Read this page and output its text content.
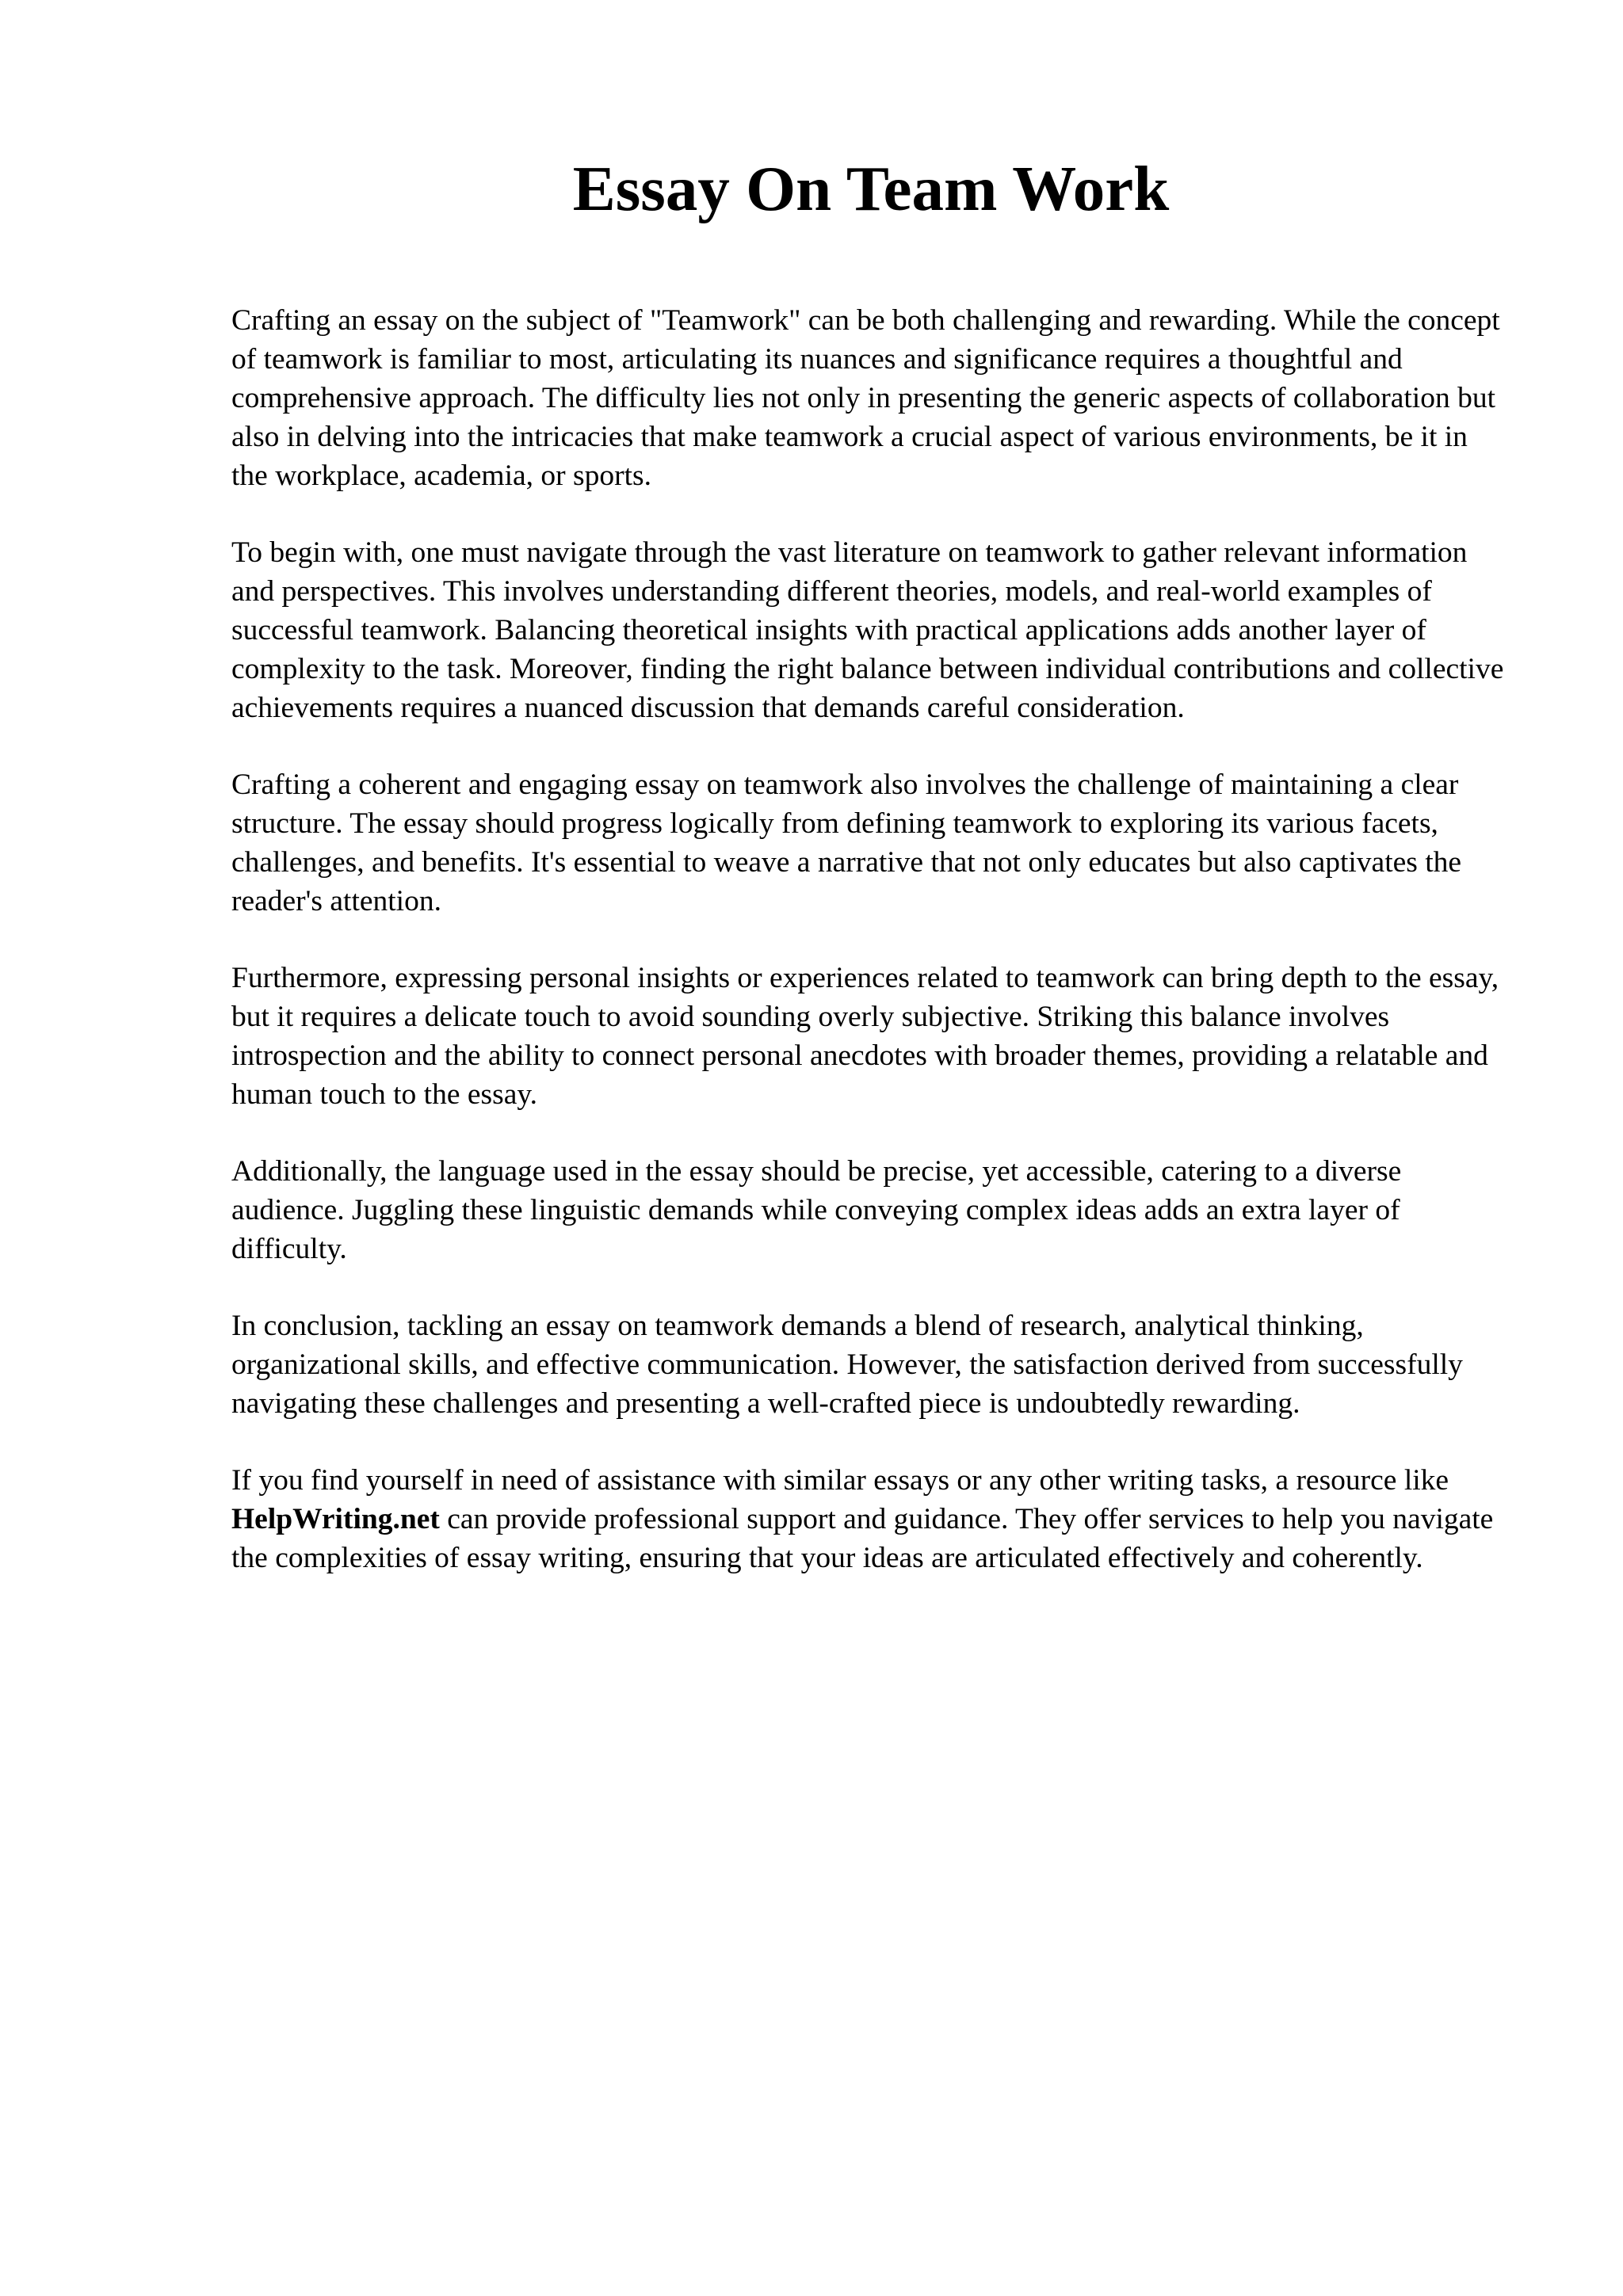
Essay On Team Work

Crafting an essay on the subject of "Teamwork" can be both challenging and rewarding. While the concept of teamwork is familiar to most, articulating its nuances and significance requires a thoughtful and comprehensive approach. The difficulty lies not only in presenting the generic aspects of collaboration but also in delving into the intricacies that make teamwork a crucial aspect of various environments, be it in the workplace, academia, or sports.

To begin with, one must navigate through the vast literature on teamwork to gather relevant information and perspectives. This involves understanding different theories, models, and real-world examples of successful teamwork. Balancing theoretical insights with practical applications adds another layer of complexity to the task. Moreover, finding the right balance between individual contributions and collective achievements requires a nuanced discussion that demands careful consideration.

Crafting a coherent and engaging essay on teamwork also involves the challenge of maintaining a clear structure. The essay should progress logically from defining teamwork to exploring its various facets, challenges, and benefits. It's essential to weave a narrative that not only educates but also captivates the reader's attention.

Furthermore, expressing personal insights or experiences related to teamwork can bring depth to the essay, but it requires a delicate touch to avoid sounding overly subjective. Striking this balance involves introspection and the ability to connect personal anecdotes with broader themes, providing a relatable and human touch to the essay.

Additionally, the language used in the essay should be precise, yet accessible, catering to a diverse audience. Juggling these linguistic demands while conveying complex ideas adds an extra layer of difficulty.

In conclusion, tackling an essay on teamwork demands a blend of research, analytical thinking, organizational skills, and effective communication. However, the satisfaction derived from successfully navigating these challenges and presenting a well-crafted piece is undoubtedly rewarding.

If you find yourself in need of assistance with similar essays or any other writing tasks, a resource like HelpWriting.net can provide professional support and guidance. They offer services to help you navigate the complexities of essay writing, ensuring that your ideas are articulated effectively and coherently.
